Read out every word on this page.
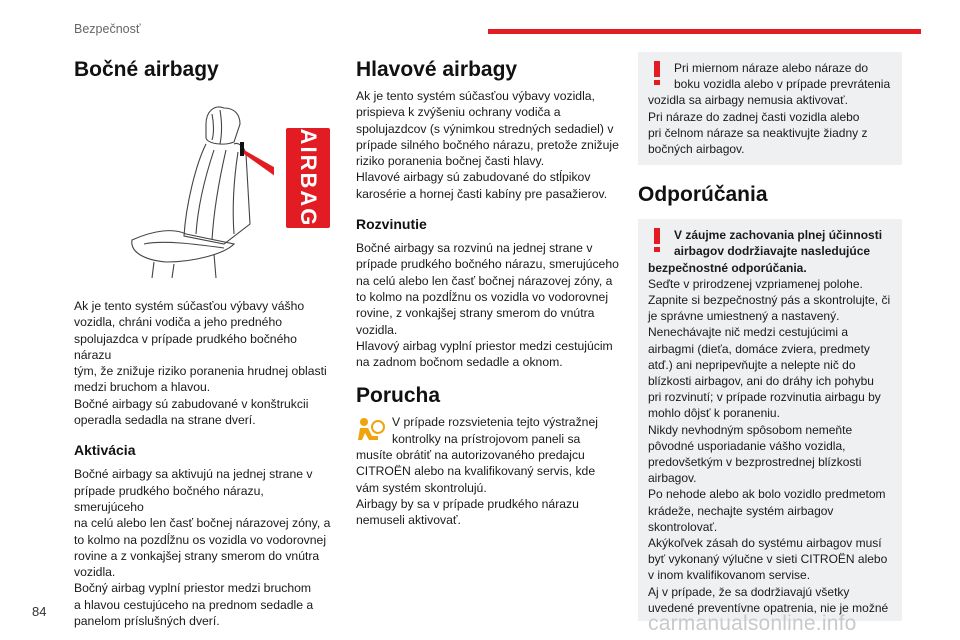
Bezpečnosť
Bočné airbagy
AIRBAG

Ak je tento systém súčasťou výbavy vášho

vozidla, chráni vodiča a jeho predného

spolujazdca v prípade prudkého bočného nárazu

tým, že znižuje riziko poranenia hrudnej oblasti

medzi bruchom a hlavou.

Bočné airbagy sú zabudované v konštrukcii

operadla sedadla na strane dverí.

Aktivácia

Bočné airbagy sa aktivujú na jednej strane v

prípade prudkého bočného nárazu, smerujúceho

na celú alebo len časť bočnej nárazovej zóny, a

to kolmo na pozdĺžnu os vozidla vo vodorovnej

rovine a z vonkajšej strany smerom do vnútra

vozidla.

Bočný airbag vyplní priestor medzi bruchom

a hlavou cestujúceho na prednom sedadle a

panelom príslušných dverí.

Hlavové airbagy

Ak je tento systém súčasťou výbavy vozidla,

prispieva k zvýšeniu ochrany vodiča a

spolujazdcov (s výnimkou stredných sedadiel) v

prípade silného bočného nárazu, pretože znižuje

riziko poranenia bočnej časti hlavy.

Hlavové airbagy sú zabudované do stĺpikov

karosérie a hornej časti kabíny pre pasažierov.

Rozvinutie

Bočné airbagy sa rozvinú na jednej strane v

prípade prudkého bočného nárazu, smerujúceho

na celú alebo len časť bočnej nárazovej zóny, a

to kolmo na pozdĺžnu os vozidla vo vodorovnej

rovine, z vonkajšej strany smerom do vnútra

vozidla.

Hlavový airbag vyplní priestor medzi cestujúcim

na zadnom bočnom sedadle a oknom.

Porucha

V prípade rozsvietenia tejto výstražnej

kontrolky na prístrojovom paneli sa

musíte obrátiť na autorizovaného predajcu

CITROËN alebo na kvalifikovaný servis, kde

vám systém skontrolujú.

Airbagy by sa v prípade prudkého nárazu

nemuseli aktivovať.

Pri miernom náraze alebo náraze do

boku vozidla alebo v prípade prevrátenia

vozidla sa airbagy nemusia aktivovať.

Pri náraze do zadnej časti vozidla alebo

pri čelnom náraze sa neaktivujte žiadny z

bočných airbagov.

Odporúčania

V záujme zachovania plnej účinnosti

airbagov dodržiavajte nasledujúce

bezpečnostné odporúčania.

Seďte v prirodzenej vzpriamenej polohe.

Zapnite si bezpečnostný pás a skontrolujte, či

je správne umiestnený a nastavený.

Nenechávajte nič medzi cestujúcimi a

airbagmi (dieťa, domáce zviera, predmety

atď.) ani nepripevňujte a nelepte nič do

blízkosti airbagov, ani do dráhy ich pohybu

pri rozvinutí; v prípade rozvinutia airbagu by

mohlo dôjsť k poraneniu.

Nikdy nevhodným spôsobom nemeňte

pôvodné usporiadanie vášho vozidla,

predovšetkým v bezprostrednej blízkosti

airbagov.

Po nehode alebo ak bolo vozidlo predmetom

krádeže, nechajte systém airbagov

skontrolovať.

Akýkoľvek zásah do systému airbagov musí

byť vykonaný výlučne v sieti CITROËN alebo

v inom kvalifikovanom servise.

Aj v prípade, že sa dodržiavajú všetky

uvedené preventívne opatrenia, nie je možné

84
carmanualsonline.info
